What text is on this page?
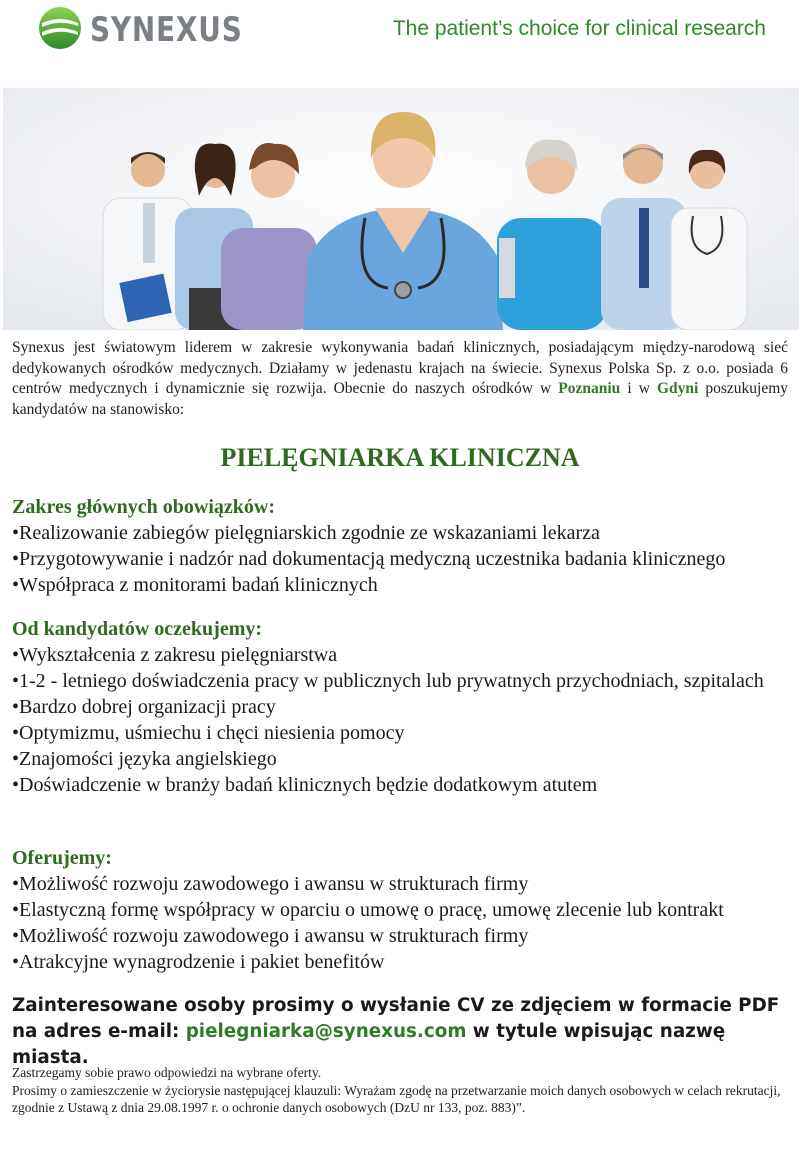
SYNEXUS	The patient’s choice for clinical research
Synexus jest światowym liderem w zakresie wykonywania badań klinicznych, posiadającym między-narodową sieć dedykowanych ośrodków medycznych. Działamy w jedenastu krajach na świecie. Synexus Polska Sp. z o.o. posiada 6 centrów medycznych i dynamicznie się rozwija. Obecnie do naszych ośrodków w Poznaniu i w Gdyni poszukujemy kandydatów na stanowisko:
PIELĘGNIARKA KLINICZNA
Zakres głównych obowiązków:
• Realizowanie zabiegów pielęgniarskich zgodnie ze wskazaniami lekarza
• Przygotowywanie i nadzór nad dokumentacją medyczną uczestnika badania klinicznego
• Współpraca z monitorami badań klinicznych
Od kandydatów oczekujemy:
• Wykształcenia z zakresu pielęgniarstwa
• 1-2 - letniego doświadczenia pracy w publicznych lub prywatnych przychodniach, szpitalach
• Bardzo dobrej organizacji pracy
• Optymizmu, uśmiechu i chęci niesienia pomocy
• Znajomości języka angielskiego
• Doświadczenie w branży badań klinicznych będzie dodatkowym atutem
Oferujemy:
• Możliwość rozwoju zawodowego i awansu w strukturach firmy
• Elastyczną formę współpracy w oparciu o umowę o pracę, umowę zlecenie lub kontrakt
• Możliwość rozwoju zawodowego i awansu w strukturach firmy
• Atrakcyjne wynagrodzenie i pakiet benefitów
Zainteresowane osoby prosimy o wysłanie CV ze zdjęciem w formacie PDF na adres e-mail: pielegniarka@synexus.com w tytule wpisując nazwę miasta.

Zastrzegamy sobie prawo odpowiedzi na wybrane oferty.

Prosimy o zamieszczenie w życiorysie następującej klauzuli: Wyrażam zgodę na przetwarzanie moich danych osobowych w celach rekrutacji, zgodnie z Ustawą z dnia 29.08.1997 r. o ochronie danych osobowych (DzU nr 133, poz. 883)”.
